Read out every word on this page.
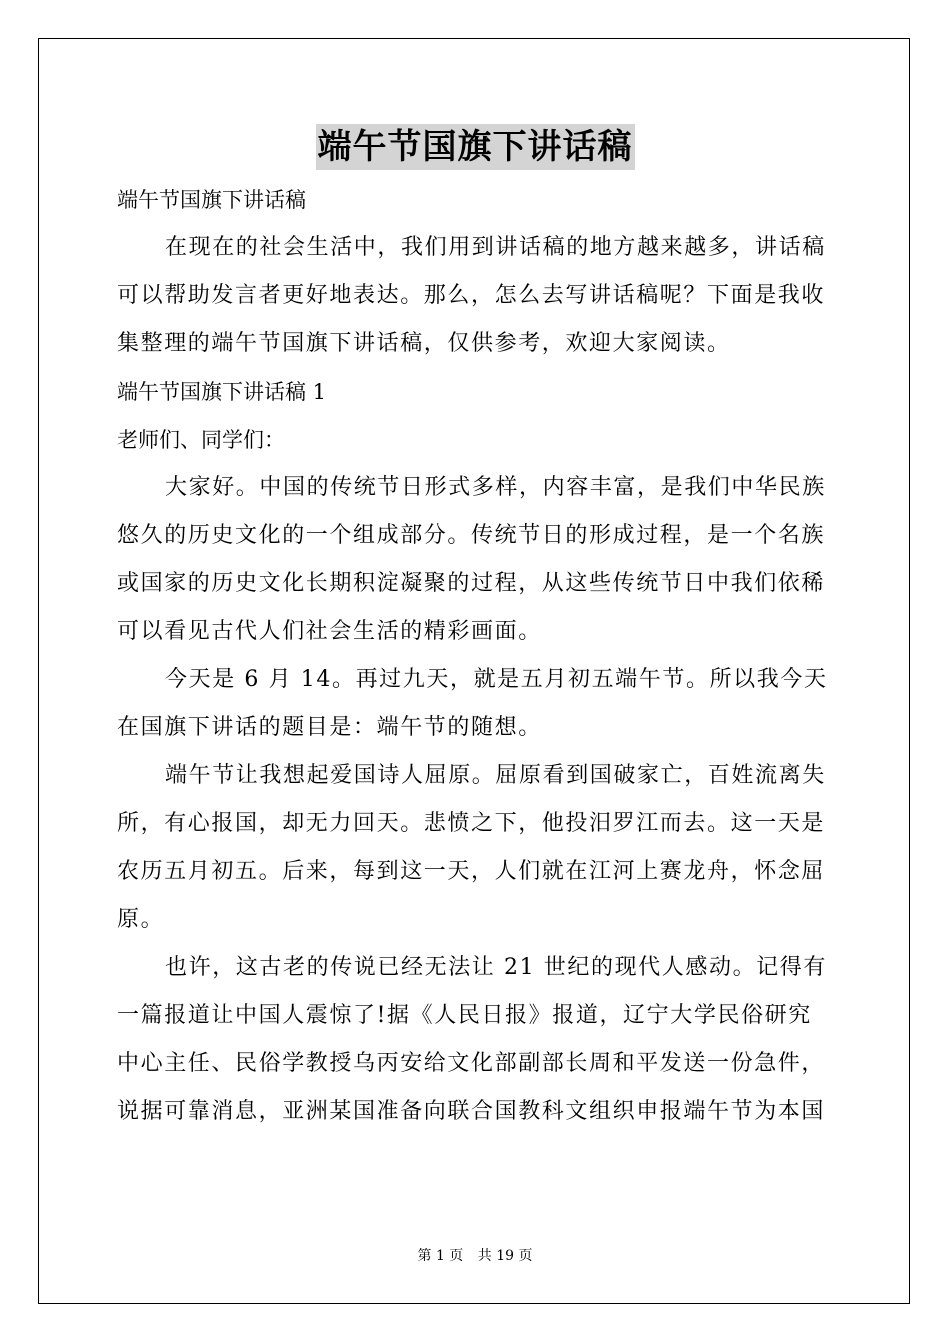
端午节国旗下讲话稿
端午节国旗下讲话稿
在现在的社会生活中，我们用到讲话稿的地方越来越多，讲话稿
可以帮助发言者更好地表达。那么，怎么去写讲话稿呢？下面是我收
集整理的端午节国旗下讲话稿，仅供参考，欢迎大家阅读。
端午节国旗下讲话稿 1
老师们、同学们：
大家好。中国的传统节日形式多样，内容丰富，是我们中华民族
悠久的历史文化的一个组成部分。传统节日的形成过程，是一个名族
或国家的历史文化长期积淀凝聚的过程，从这些传统节日中我们依稀
可以看见古代人们社会生活的精彩画面。
今天是 6 月 14。再过九天，就是五月初五端午节。所以我今天
在国旗下讲话的题目是：端午节的随想。
端午节让我想起爱国诗人屈原。屈原看到国破家亡，百姓流离失
所，有心报国，却无力回天。悲愤之下，他投汨罗江而去。这一天是
农历五月初五。后来，每到这一天，人们就在江河上赛龙舟，怀念屈
原。
也许，这古老的传说已经无法让 21 世纪的现代人感动。记得有
一篇报道让中国人震惊了!据《人民日报》报道，辽宁大学民俗研究
中心主任、民俗学教授乌丙安给文化部副部长周和平发送一份急件，
说据可靠消息，亚洲某国准备向联合国教科文组织申报端午节为本国
第 1 页 共 19 页
